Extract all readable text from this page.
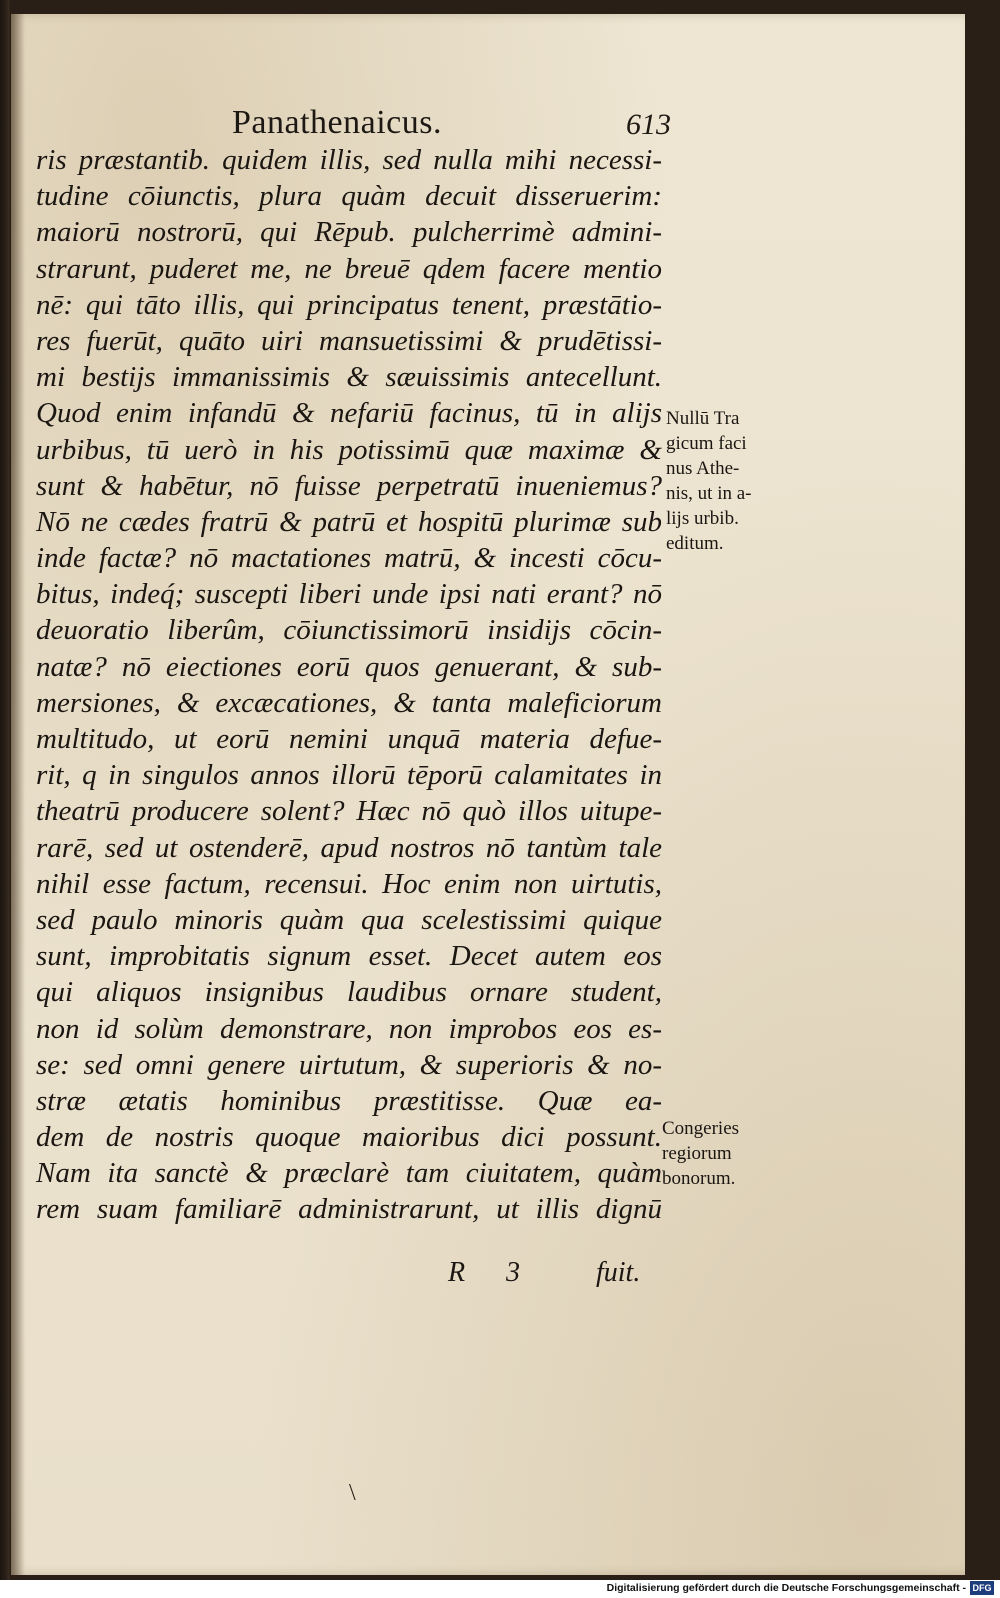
Panathenaicus.	613
ris præstantib. quidem illis, sed nulla mihi necessi-
tudine cōiunctis, plura quàm decuit disseruerim:
maiorū nostrorū, qui Rēpub. pulcherrimè admini-
strarunt, puderet me, ne breuē qdem facere mentio
nē: qui tāto illis, qui principatus tenent, præstātio-
res fuerūt, quāto uiri mansuetissimi & prudētissi-
mi bestijs immanissimis & sæuissimis antecellunt.
Quod enim infandū & nefariū facinus, tū in alijs
urbibus, tū uerò in his potissimū quæ maximæ &
sunt & habētur, nō fuisse perpetratū inueniemus?
Nō ne cædes fratrū & patrū et hospitū plurimæ sub
inde factæ? nō mactationes matrū, & incesti cōcu-
bitus, indeq́; suscepti liberi unde ipsi nati erant? nō
deuoratio liberûm, cōiunctissimorū insidijs cōcin-
natæ? nō eiectiones eorū quos genuerant, & sub-
mersiones, & excæcationes, & tanta maleficiorum
multitudo, ut eorū nemini unquā materia defue-
rit, q in singulos annos illorū tēporū calamitates in
theatrū producere solent? Hæc nō quò illos uitupe-
rarē, sed ut ostenderē, apud nostros nō tantùm tale
nihil esse factum, recensui. Hoc enim non uirtutis,
sed paulo minoris quàm qua scelestissimi quique
sunt, improbitatis signum esset. Decet autem eos
qui aliquos insignibus laudibus ornare student,
non id solùm demonstrare, non improbos eos es-
se: sed omni genere uirtutum, & superioris & no-
stræ ætatis hominibus præstitisse. Quæ ea-
dem de nostris quoque maioribus dici possunt.
Nam ita sanctè & præclarè tam ciuitatem, quàm
rem suam familiarē administrarunt, ut illis dignū
Nullū Tra
gicum faci
nus Athe-
nis, ut in a-
lijs urbib.
editum.
Congeries
regiorum
bonorum.
R 3	fuit.
\
Digitalisierung gefördert durch die Deutsche Forschungsgemeinschaft - DFG
